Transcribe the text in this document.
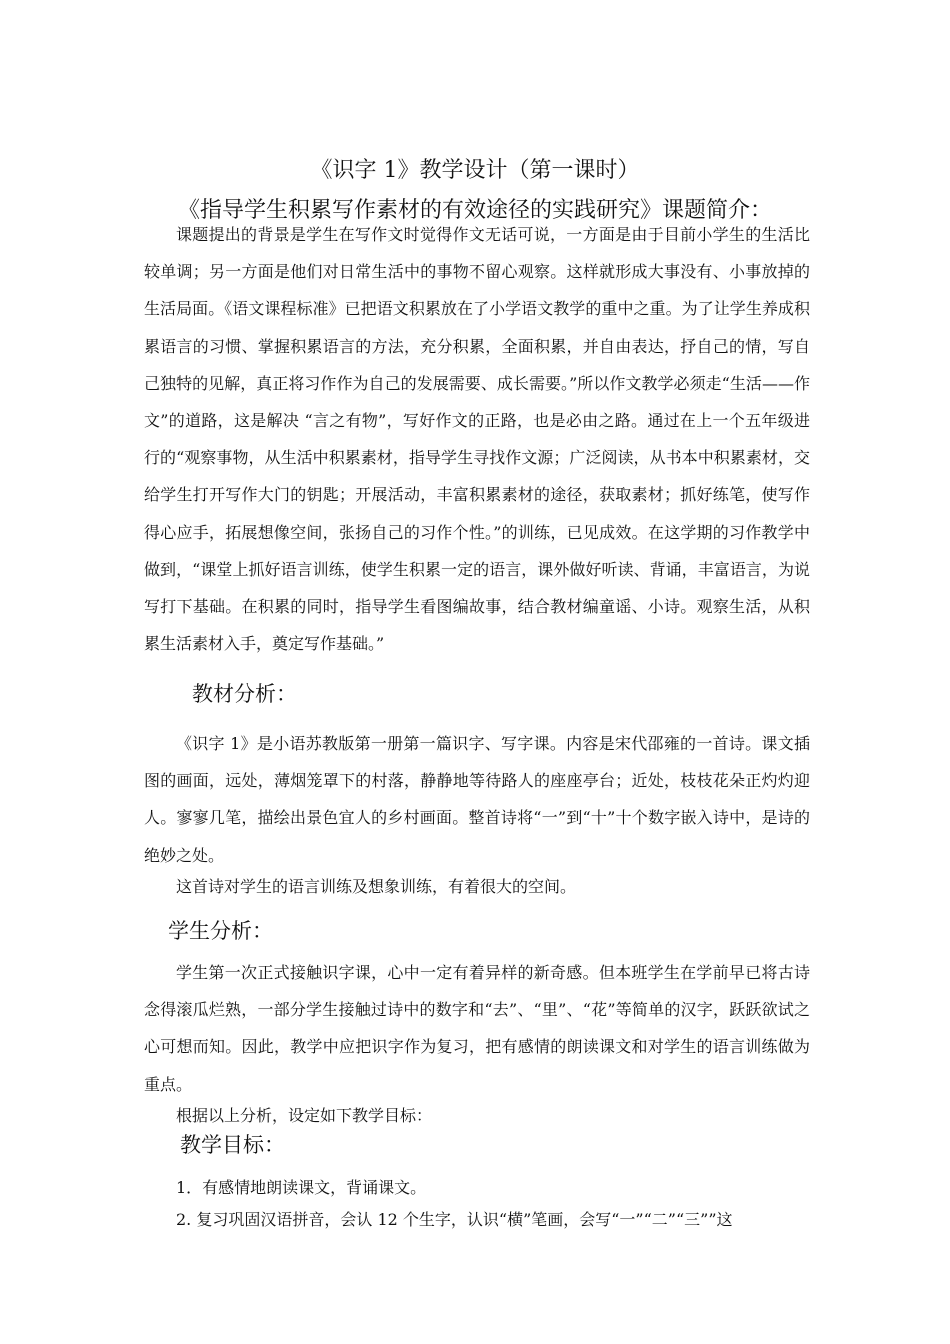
《识字 1》教学设计（第一课时）
《指导学生积累写作素材的有效途径的实践研究》课题简介：

课题提出的背景是学生在写作文时觉得作文无话可说，一方面是由于目前小学生的生活比较单调；另一方面是他们对日常生活中的事物不留心观察。这样就形成大事没有、小事放掉的生活局面。《语文课程标准》已把语文积累放在了小学语文教学的重中之重。为了让学生养成积累语言的习惯、掌握积累语言的方法，充分积累，全面积累，并自由表达，抒自己的情，写自己独特的见解，真正将习作作为自己的发展需要、成长需要。”所以作文教学必须走“生活——作文”的道路，这是解决 “言之有物”，写好作文的正路，也是必由之路。通过在上一个五年级进行的“观察事物，从生活中积累素材，指导学生寻找作文源；广泛阅读，从书本中积累素材，交给学生打开写作大门的钥匙；开展活动，丰富积累素材的途径，获取素材；抓好练笔，使写作得心应手，拓展想像空间，张扬自己的习作个性。”的训练，已见成效。在这学期的习作教学中做到，“课堂上抓好语言训练，使学生积累一定的语言，课外做好听读、背诵，丰富语言，为说写打下基础。在积累的同时，指导学生看图编故事，结合教材编童谣、小诗。观察生活，从积累生活素材入手，奠定写作基础。”

教材分析：

《识字 1》是小语苏教版第一册第一篇识字、写字课。内容是宋代邵雍的一首诗。课文插图的画面，远处，薄烟笼罩下的村落，静静地等待路人的座座亭台；近处，枝枝花朵正灼灼迎人。寥寥几笔，描绘出景色宜人的乡村画面。整首诗将“一”到“十”十个数字嵌入诗中，是诗的绝妙之处。

这首诗对学生的语言训练及想象训练，有着很大的空间。

学生分析：

学生第一次正式接触识字课，心中一定有着异样的新奇感。但本班学生在学前早已将古诗念得滚瓜烂熟，一部分学生接触过诗中的数字和“去”、“里”、“花”等简单的汉字，跃跃欲试之心可想而知。因此，教学中应把识字作为复习，把有感情的朗读课文和对学生的语言训练做为重点。

根据以上分析，设定如下教学目标：

教学目标：
1．有感情地朗读课文，背诵课文。
2. 复习巩固汉语拼音，会认 12 个生字，认识“横”笔画，会写“一”“二”“三””这
